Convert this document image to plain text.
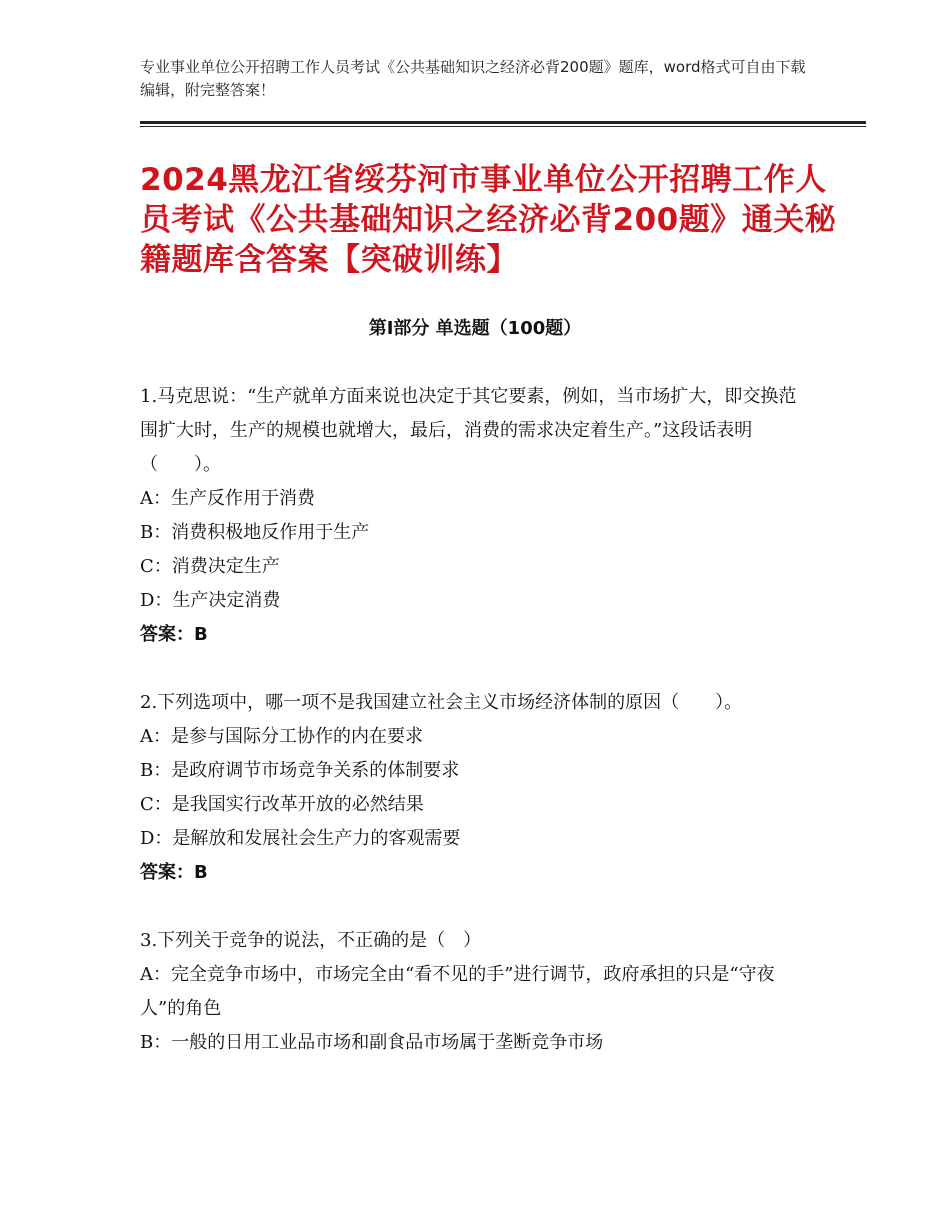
专业事业单位公开招聘工作人员考试《公共基础知识之经济必背200题》题库，word格式可自由下载编辑，附完整答案！
2024黑龙江省绥芬河市事业单位公开招聘工作人员考试《公共基础知识之经济必背200题》通关秘籍题库含答案【突破训练】
第Ⅰ部分 单选题（100题）

1.马克思说：“生产就单方面来说也决定于其它要素，例如，当市场扩大，即交换范围扩大时，生产的规模也就增大，最后，消费的需求决定着生产。”这段话表明（　　）。

A：生产反作用于消费

B：消费积极地反作用于生产

C：消费决定生产

D：生产决定消费

答案：B

2.下列选项中，哪一项不是我国建立社会主义市场经济体制的原因（　　）。

A：是参与国际分工协作的内在要求

B：是政府调节市场竞争关系的体制要求

C：是我国实行改革开放的必然结果

D：是解放和发展社会生产力的客观需要

答案：B

3.下列关于竞争的说法，不正确的是（　）

A：完全竞争市场中，市场完全由“看不见的手”进行调节，政府承担的只是“守夜人”的角色

B：一般的日用工业品市场和副食品市场属于垄断竞争市场
